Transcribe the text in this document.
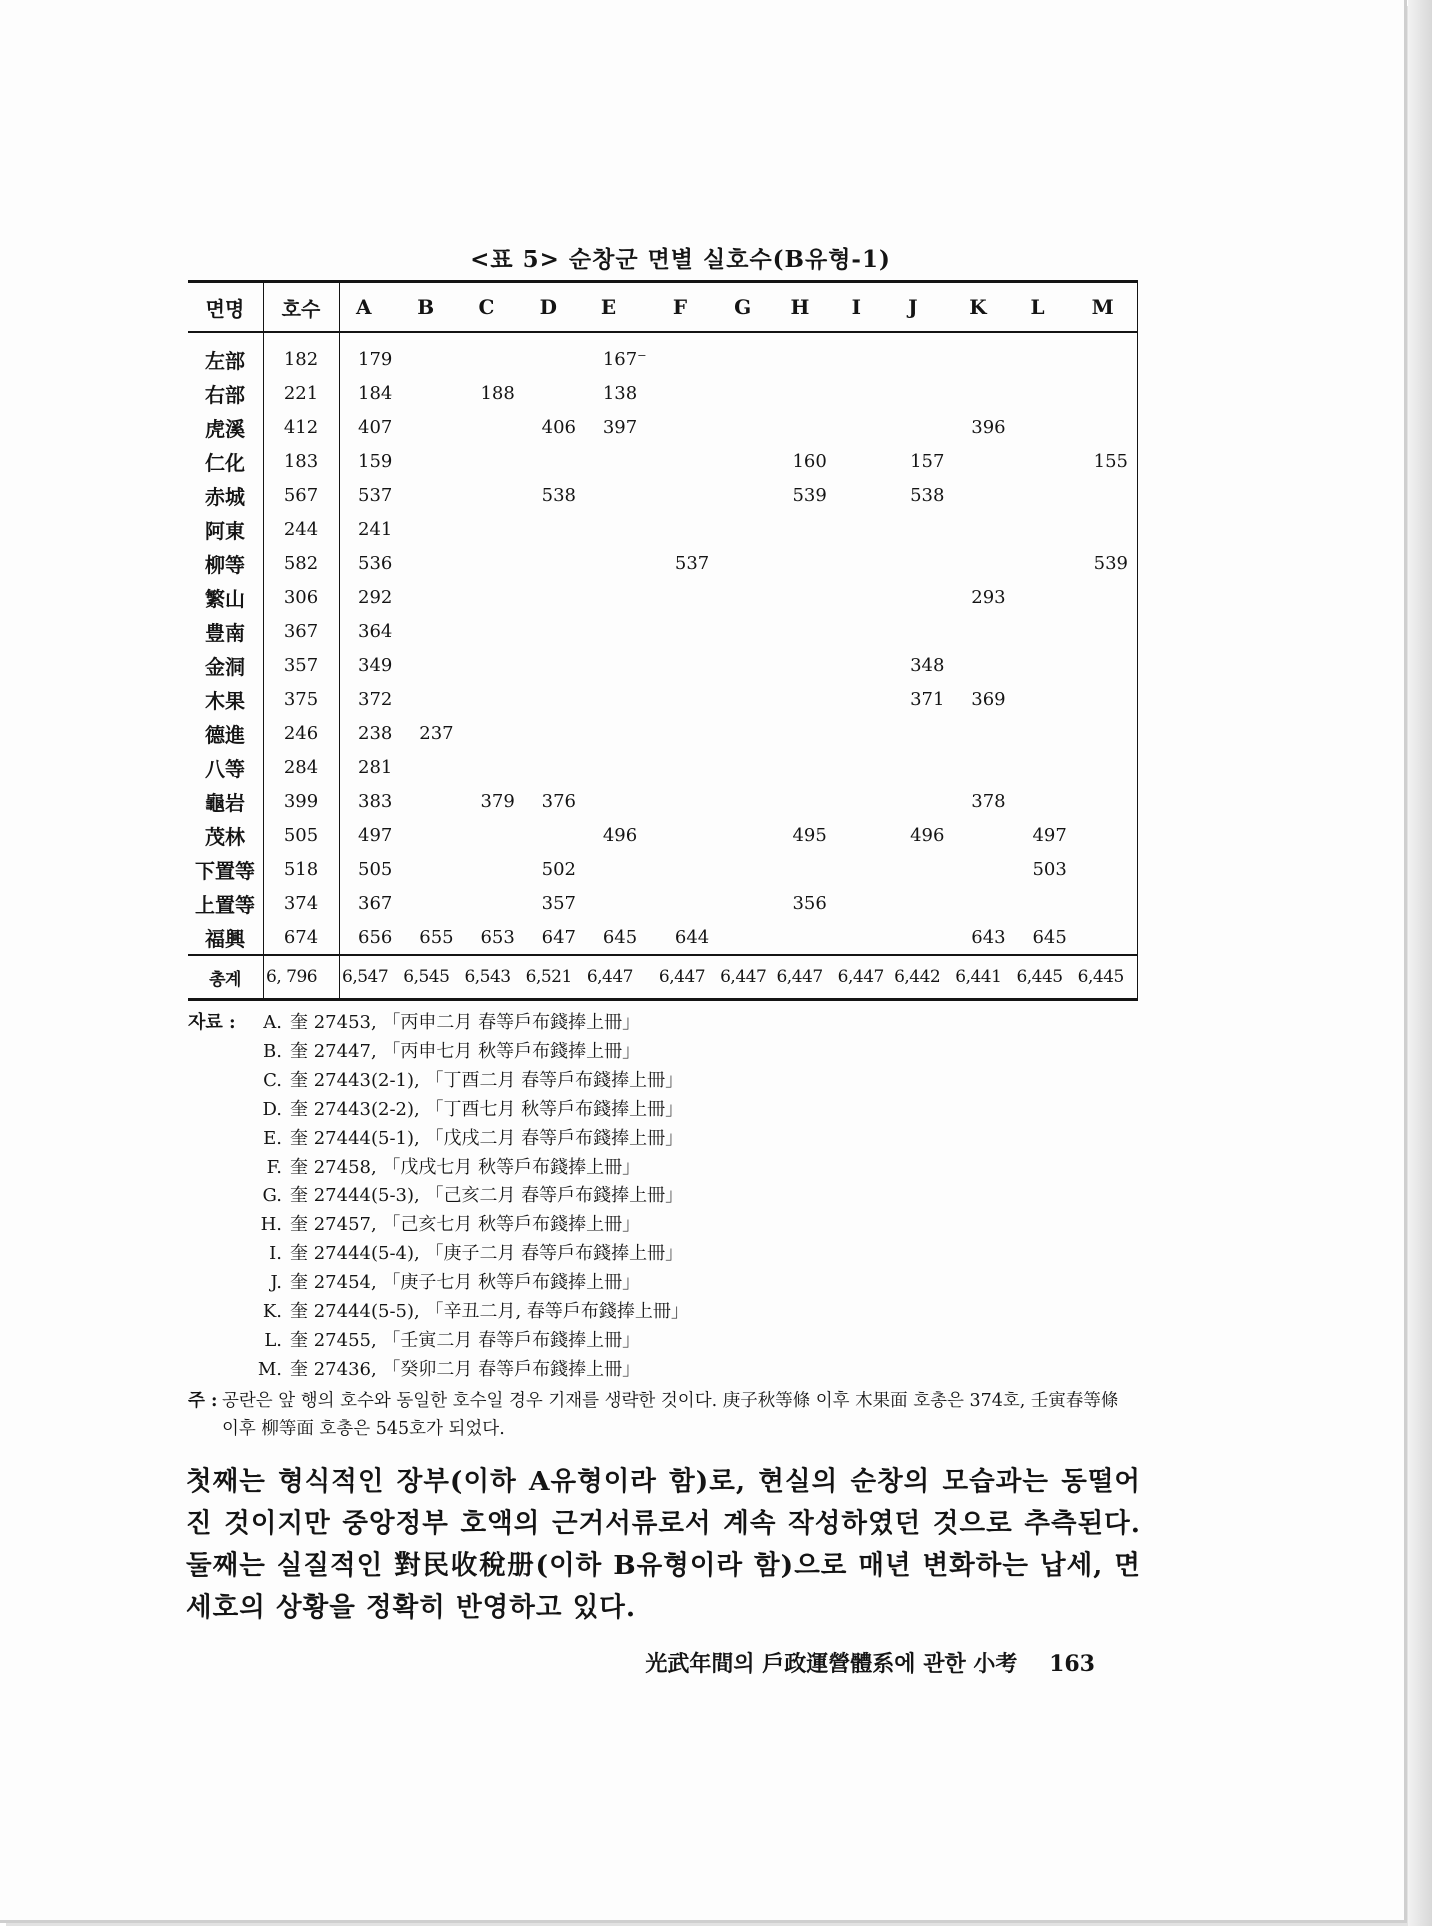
<표 5> 순창군 면별 실호수(B유형-1)
면명	호수	A	B	C	D	E	F	G	H	I	J	K	L	M
左部	182	179				167⁻								
右部	221	184		188		138								
虎溪	412	407			406	397						396		
仁化	183	159							160		157			155
赤城	567	537			538				539		538			
阿東	244	241												
柳等	582	536					537							539
繁山	306	292										293		
豊南	367	364												
金洞	357	349									348			
木果	375	372									371	369		
德進	246	238	237											
八等	284	281												
龜岩	399	383		379	376							378		
茂林	505	497				496			495		496		497	
下置等	518	505			502								503	
上置等	374	367			357				356					
福興	674	656	655	653	647	645	644					643	645	
총계	6, 796	6,547	6,545	6,543	6,521	6,447	6,447	6,447	6,447	6,447	6,442	6,441	6,445	6,445
자료 :	A. 奎 27453, 「丙申二月 春等戶布錢捧上冊」
B. 奎 27447, 「丙申七月 秋等戶布錢捧上冊」
C. 奎 27443(2-1), 「丁酉二月 春等戶布錢捧上冊」
D. 奎 27443(2-2), 「丁酉七月 秋等戶布錢捧上冊」
E. 奎 27444(5-1), 「戊戌二月 春等戶布錢捧上冊」
F. 奎 27458, 「戊戌七月 秋等戶布錢捧上冊」
G. 奎 27444(5-3), 「己亥二月 春等戶布錢捧上冊」
H. 奎 27457, 「己亥七月 秋等戶布錢捧上冊」
I. 奎 27444(5-4), 「庚子二月 春等戶布錢捧上冊」
J. 奎 27454, 「庚子七月 秋等戶布錢捧上冊」
K. 奎 27444(5-5), 「辛丑二月, 春等戶布錢捧上冊」
L. 奎 27455, 「壬寅二月 春等戶布錢捧上冊」
M. 奎 27436, 「癸卯二月 春等戶布錢捧上冊」
주 : 공란은 앞 행의 호수와 동일한 호수일 경우 기재를 생략한 것이다. 庚子秋等條 이후 木果面 호총은 374호, 壬寅春等條 이후 柳等面 호총은 545호가 되었다.
첫째는 형식적인 장부(이하 A유형이라 함)로, 현실의 순창의 모습과는 동떨어진 것이지만 중앙정부 호액의 근거서류로서 계속 작성하였던 것으로 추측된다. 둘째는 실질적인 對民收稅册(이하 B유형이라 함)으로 매년 변화하는 납세, 면세호의 상황을 정확히 반영하고 있다.
光武年間의 戶政運營體系에 관한 小考 163
